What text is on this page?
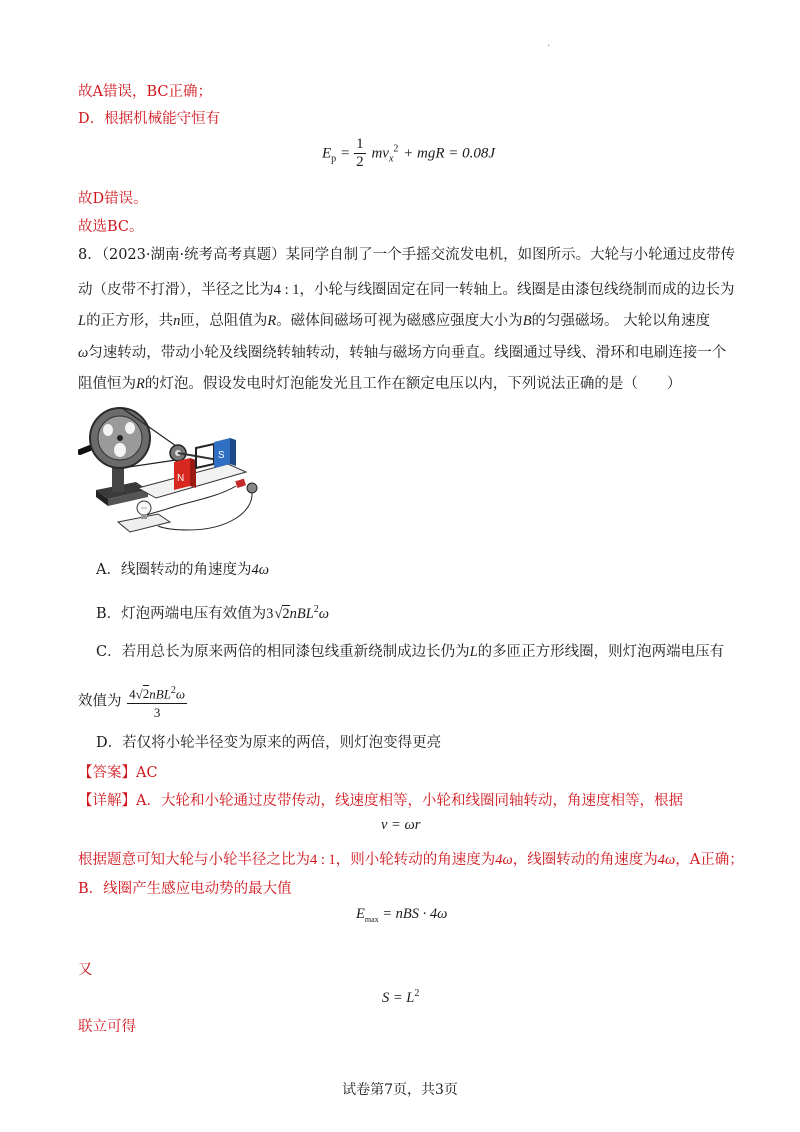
.
故A错误，BC正确；
D．根据机械能守恒有
$E_p = \frac{1}{2} mv_x^2$ + mgR = 0.08J
故D错误。
故选BC。
8．（2023·湖南·统考高考真题）某同学自制了一个手摇交流发电机，如图所示。大轮与小轮通过皮带传
动（皮带不打滑），半径之比为4 : 1，小轮与线圈固定在同一转轴上。线圈是由漆包线绕制而成的边长为
L的正方形，共n匝，总阻值为R。磁体间磁场可视为磁感应强度大小为B的匀强磁场。 大轮以角速度
ω匀速转动，带动小轮及线圈绕转轴转动，转轴与磁场方向垂直。线圈通过导线、滑环和电刷连接一个
阻值恒为R的灯泡。假设发电时灯泡能发光且工作在额定电压以内，下列说法正确的是（　　）
N
S
A．线圈转动的角速度为4ω
B．灯泡两端电压有效值为3√2nBL$^2$ω
C．若用总长为原来两倍的相同漆包线重新绕制成边长仍为L的多匝正方形线圈，则灯泡两端电压有
效值为 $\frac{4√2nBL^2\omega}{3}$
D．若仅将小轮半径变为原来的两倍，则灯泡变得更亮
【答案】AC
【详解】A．大轮和小轮通过皮带传动，线速度相等，小轮和线圈同轴转动，角速度相等，根据
v = ωr
根据题意可知大轮与小轮半径之比为4 : 1，则小轮转动的角速度为4ω，线圈转动的角速度为4ω，A正确；
B．线圈产生感应电动势的最大值
$E_{max}$ = nBS · 4ω
又
$S = L^2$
联立可得
试卷第7页，共3页
